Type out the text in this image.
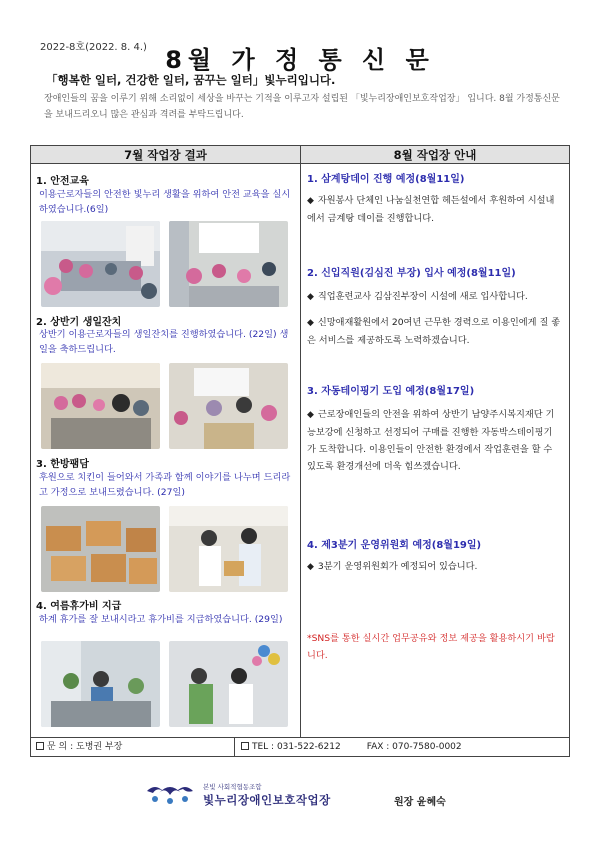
2022-8호(2022. 8. 4.) 8월 가 정 통 신 문
「행복한 일터, 건강한 일터, 꿈꾸는 일터」빛누리입니다.
장애인들의 꿈을 이루기 위해 소리없이 세상을 바꾸는 기적을 이루고자 설립된 「빛누리장애인보호작업장」 입니다. 8월 가정통신문을 보내드리오니 많은 관심과 격려를 부탁드립니다.
7월 작업장 결과
1. 안전교육
이용근로자들의 안전한 빛누리 생활을 위하여 안전 교육을 실시하였습니다.(6일)
2. 상반기 생일잔치
상반기 이용근로자들의 생일잔치를 진행하였습니다. (22일) 생일을 축하드립니다.
3. 한방팸담
후원으로 치킨이 들어와서 가족과 함께 이야기를 나누며 드리라고 가정으로 보내드렸습니다. (27일)
4. 여름휴가비 지급
하계 휴가를 잘 보내시라고 휴가비를 지급하였습니다. (29일)
8월 작업장 안내
1. 삼계탕데이 진행 예정(8월11일)
◆ 자원봉사 단체인 나눔실천연합 헤든설에서 후원하여 시설내에서 금계탕 데이를 진행합니다.
2. 신입직원(김심진 부장) 입사 예정(8월11일)
◆ 직업훈련교사 김삼진부장이 시설에 새로 입사합니다.
◆ 신망애재활원에서 20여년 근무한 경력으로 이용인에게 질 좋은 서비스를 제공하도록 노력하겠습니다.
3. 자동테이핑기 도입 예정(8월17일)
◆ 근로장애인들의 안전을 위하여 상반기 남양주시복지재단 기능보강에 신청하고 선정되어 구매를 진행한 자동박스테이핑기가 도착합니다. 이용인들이 안전한 환경에서 작업훈련을 할 수 있도록 환경개선에 더욱 힘쓰겠습니다.
4. 제3분기 운영위원회 예정(8월19일)
◆ 3분기 운영위원회가 예정되어 있습니다.
*SNS를 통한 실시간 업무공유와 정보 제공을 활용하시기 바랍니다.
문 의 : 도병권 부장	TEL : 031-522-6212	FAX : 070-7580-0002
본빛 사회적협동조합
빛누리장애인보호작업장	원장 윤혜숙
